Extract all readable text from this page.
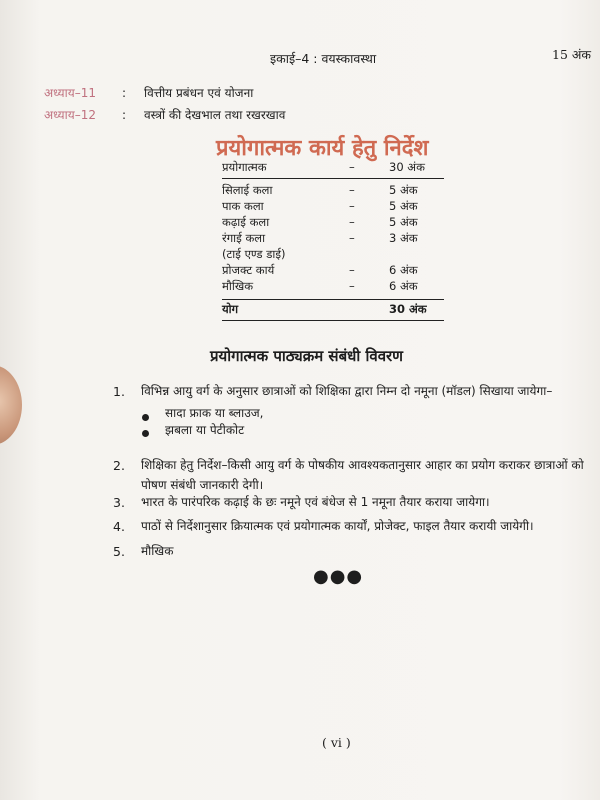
इकाई–4 : वयस्कावस्था	15 अंक
अध्याय–11 : वित्तीय प्रबंधन एवं योजना
अध्याय–12 : वस्त्रों की देखभाल तथा रखरखाव
प्रयोगात्मक कार्य हेतु निर्देश
प्रयोगात्मक	–	30 अंक

सिलाई कला	–	5 अंक
पाक कला	–	5 अंक
कढ़ाई कला	–	5 अंक
रंगाई कला	–	3 अंक
(टाई एण्ड डाई)		
प्रोजक्ट कार्य	–	6 अंक
मौखिक	–	6 अंक

योग		30 अंक
प्रयोगात्मक पाठ्यक्रम संबंधी विवरण
1. विभिन्न आयु वर्ग के अनुसार छात्राओं को शिक्षिका द्वारा निम्न दो नमूना (मॉडल) सिखाया जायेगा–
सादा फ्राक या ब्लाउज,
झबला या पेटीकोट
2. शिक्षिका हेतु निर्देश–किसी आयु वर्ग के पोषकीय आवश्यकतानुसार आहार का प्रयोग कराकर छात्राओं को
पोषण संबंधी जानकारी देगी।
3. भारत के पारंपरिक कढ़ाई के छः नमूने एवं बंधेज से 1 नमूना तैयार कराया जायेगा।
4. पाठों से निर्देशानुसार क्रियात्मक एवं प्रयोगात्मक कार्यों, प्रोजेक्ट, फाइल तैयार करायी जायेगी।
5. मौखिक
●●●
( vi )
